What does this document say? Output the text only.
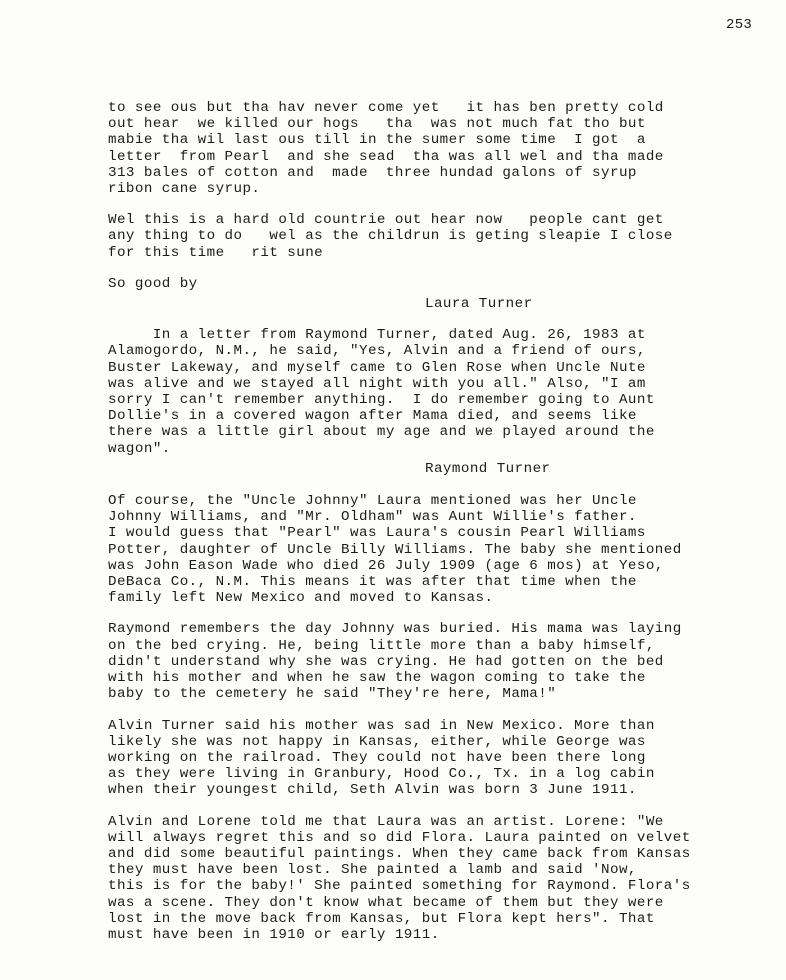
253
to see ous but tha hav never come yet   it has ben pretty cold
out hear  we killed our hogs   tha  was not much fat tho but
mabie tha wil last ous till in the sumer some time  I got  a
letter  from Pearl  and she sead  tha was all wel and tha made
313 bales of cotton and  made  three hundad galons of syrup
ribon cane syrup.
Wel this is a hard old countrie out hear now   people cant get
any thing to do   wel as the childrun is geting sleapie I close
for this time   rit sune
So good by
Laura Turner
In a letter from Raymond Turner, dated Aug. 26, 1983 at
Alamogordo, N.M., he said, "Yes, Alvin and a friend of ours,
Buster Lakeway, and myself came to Glen Rose when Uncle Nute
was alive and we stayed all night with you all." Also, "I am
sorry I can't remember anything.  I do remember going to Aunt
Dollie's in a covered wagon after Mama died, and seems like
there was a little girl about my age and we played around the
wagon".
Raymond Turner
Of course, the "Uncle Johnny" Laura mentioned was her Uncle
Johnny Williams, and "Mr. Oldham" was Aunt Willie's father.
I would guess that "Pearl" was Laura's cousin Pearl Williams
Potter, daughter of Uncle Billy Williams. The baby she mentioned
was John Eason Wade who died 26 July 1909 (age 6 mos) at Yeso,
DeBaca Co., N.M. This means it was after that time when the
family left New Mexico and moved to Kansas.
Raymond remembers the day Johnny was buried. His mama was laying
on the bed crying. He, being little more than a baby himself,
didn't understand why she was crying. He had gotten on the bed
with his mother and when he saw the wagon coming to take the
baby to the cemetery he said "They're here, Mama!"
Alvin Turner said his mother was sad in New Mexico. More than
likely she was not happy in Kansas, either, while George was
working on the railroad. They could not have been there long
as they were living in Granbury, Hood Co., Tx. in a log cabin
when their youngest child, Seth Alvin was born 3 June 1911.
Alvin and Lorene told me that Laura was an artist. Lorene: "We
will always regret this and so did Flora. Laura painted on velvet
and did some beautiful paintings. When they came back from Kansas
they must have been lost. She painted a lamb and said 'Now,
this is for the baby!' She painted something for Raymond. Flora's
was a scene. They don't know what became of them but they were
lost in the move back from Kansas, but Flora kept hers". That
must have been in 1910 or early 1911.
